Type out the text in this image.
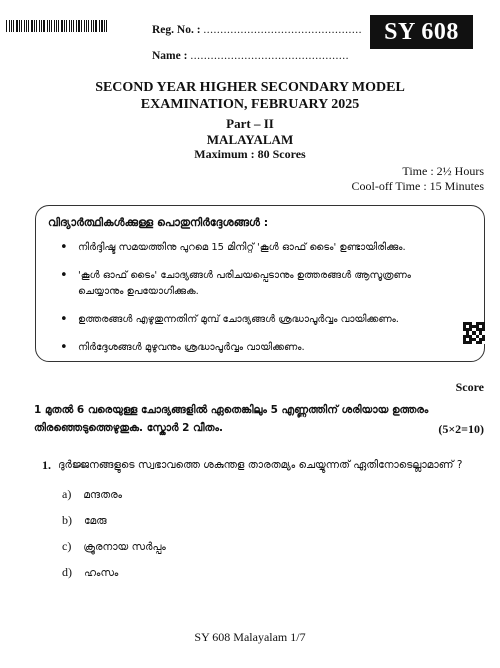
Reg. No. : ...............................................
Name : ...............................................
SY 608
SECOND YEAR HIGHER SECONDARY MODEL
EXAMINATION, FEBRUARY 2025
Part – II
MALAYALAM
Maximum : 80 Scores
Time : 2½ Hours
Cool-off Time : 15 Minutes
വിദ്യാർത്ഥികൾക്കുള്ള പൊതുനിർദ്ദേശങ്ങൾ :
• നിർദ്ദിഷ്ട സമയത്തിനു പുറമെ 15 മിനിറ്റ് 'കൂൾ ഓഫ് ടൈം' ഉണ്ടായിരിക്കും.
• 'കൂൾ ഓഫ് ടൈം' ചോദ്യങ്ങൾ പരിചയപ്പെടാനും ഉത്തരങ്ങൾ ആസൂത്രണം ചെയ്യാനും ഉപയോഗിക്കുക.
• ഉത്തരങ്ങൾ എഴുതുന്നതിന് മുമ്പ് ചോദ്യങ്ങൾ ശ്രദ്ധാപൂർവ്വം വായിക്കണം.
• നിർദ്ദേശങ്ങൾ മുഴുവനും ശ്രദ്ധാപൂർവ്വം വായിക്കണം.
Score
1 മുതൽ 6 വരെയുള്ള ചോദ്യങ്ങളിൽ ഏതെങ്കിലും 5 എണ്ണത്തിന് ശരിയായ ഉത്തരം
തിരഞ്ഞെടുത്തെഴുതുക. സ്കോർ 2 വീതം.	(5×2=10)
1. ദുർജ്ജനങ്ങളുടെ സ്വഭാവത്തെ ശകുന്തള താരതമ്യം ചെയ്യുന്നത് ഏതിനോടെല്ലാമാണ് ?
a) മന്ദതരം
b) മേരു
c) ക്രൂരനായ സർപ്പം
d) ഹംസം
SY 608 Malayalam 1/7
